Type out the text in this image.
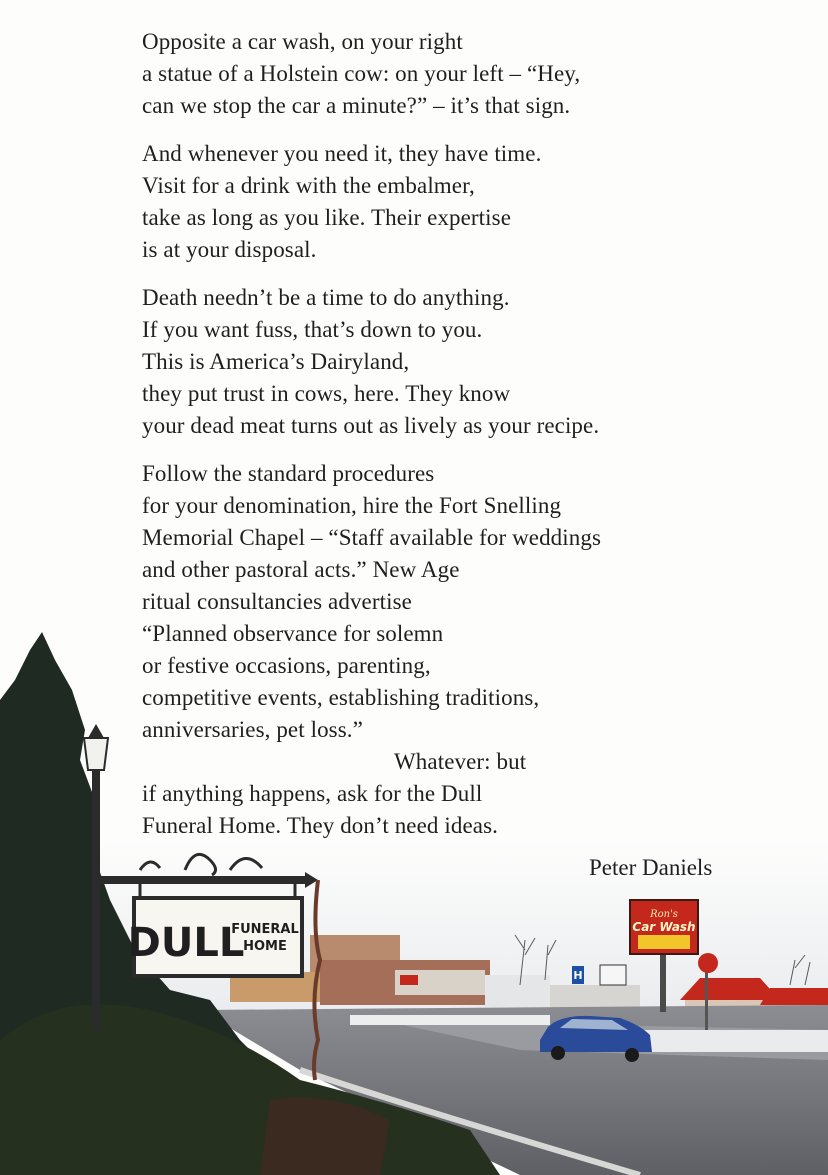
Ron's
Car Wash
H
DULL
FUNERAL
HOME
Opposite a car wash, on your right
a statue of a Holstein cow: on your left – “Hey,
can we stop the car a minute?” – it’s that sign.
And whenever you need it, they have time.
Visit for a drink with the embalmer,
take as long as you like. Their expertise
is at your disposal.
Death needn’t be a time to do anything.
If you want fuss, that’s down to you.
This is America’s Dairyland,
they put trust in cows, here. They know
your dead meat turns out as lively as your recipe.
Follow the standard procedures
for your denomination, hire the Fort Snelling
Memorial Chapel – “Staff available for weddings
and other pastoral acts.” New Age
ritual consultancies advertise
“Planned observance for solemn
or festive occasions, parenting,
competitive events, establishing traditions,
anniversaries, pet loss.”
Whatever: but
if anything happens, ask for the Dull
Funeral Home. They don’t need ideas.
Peter Daniels
